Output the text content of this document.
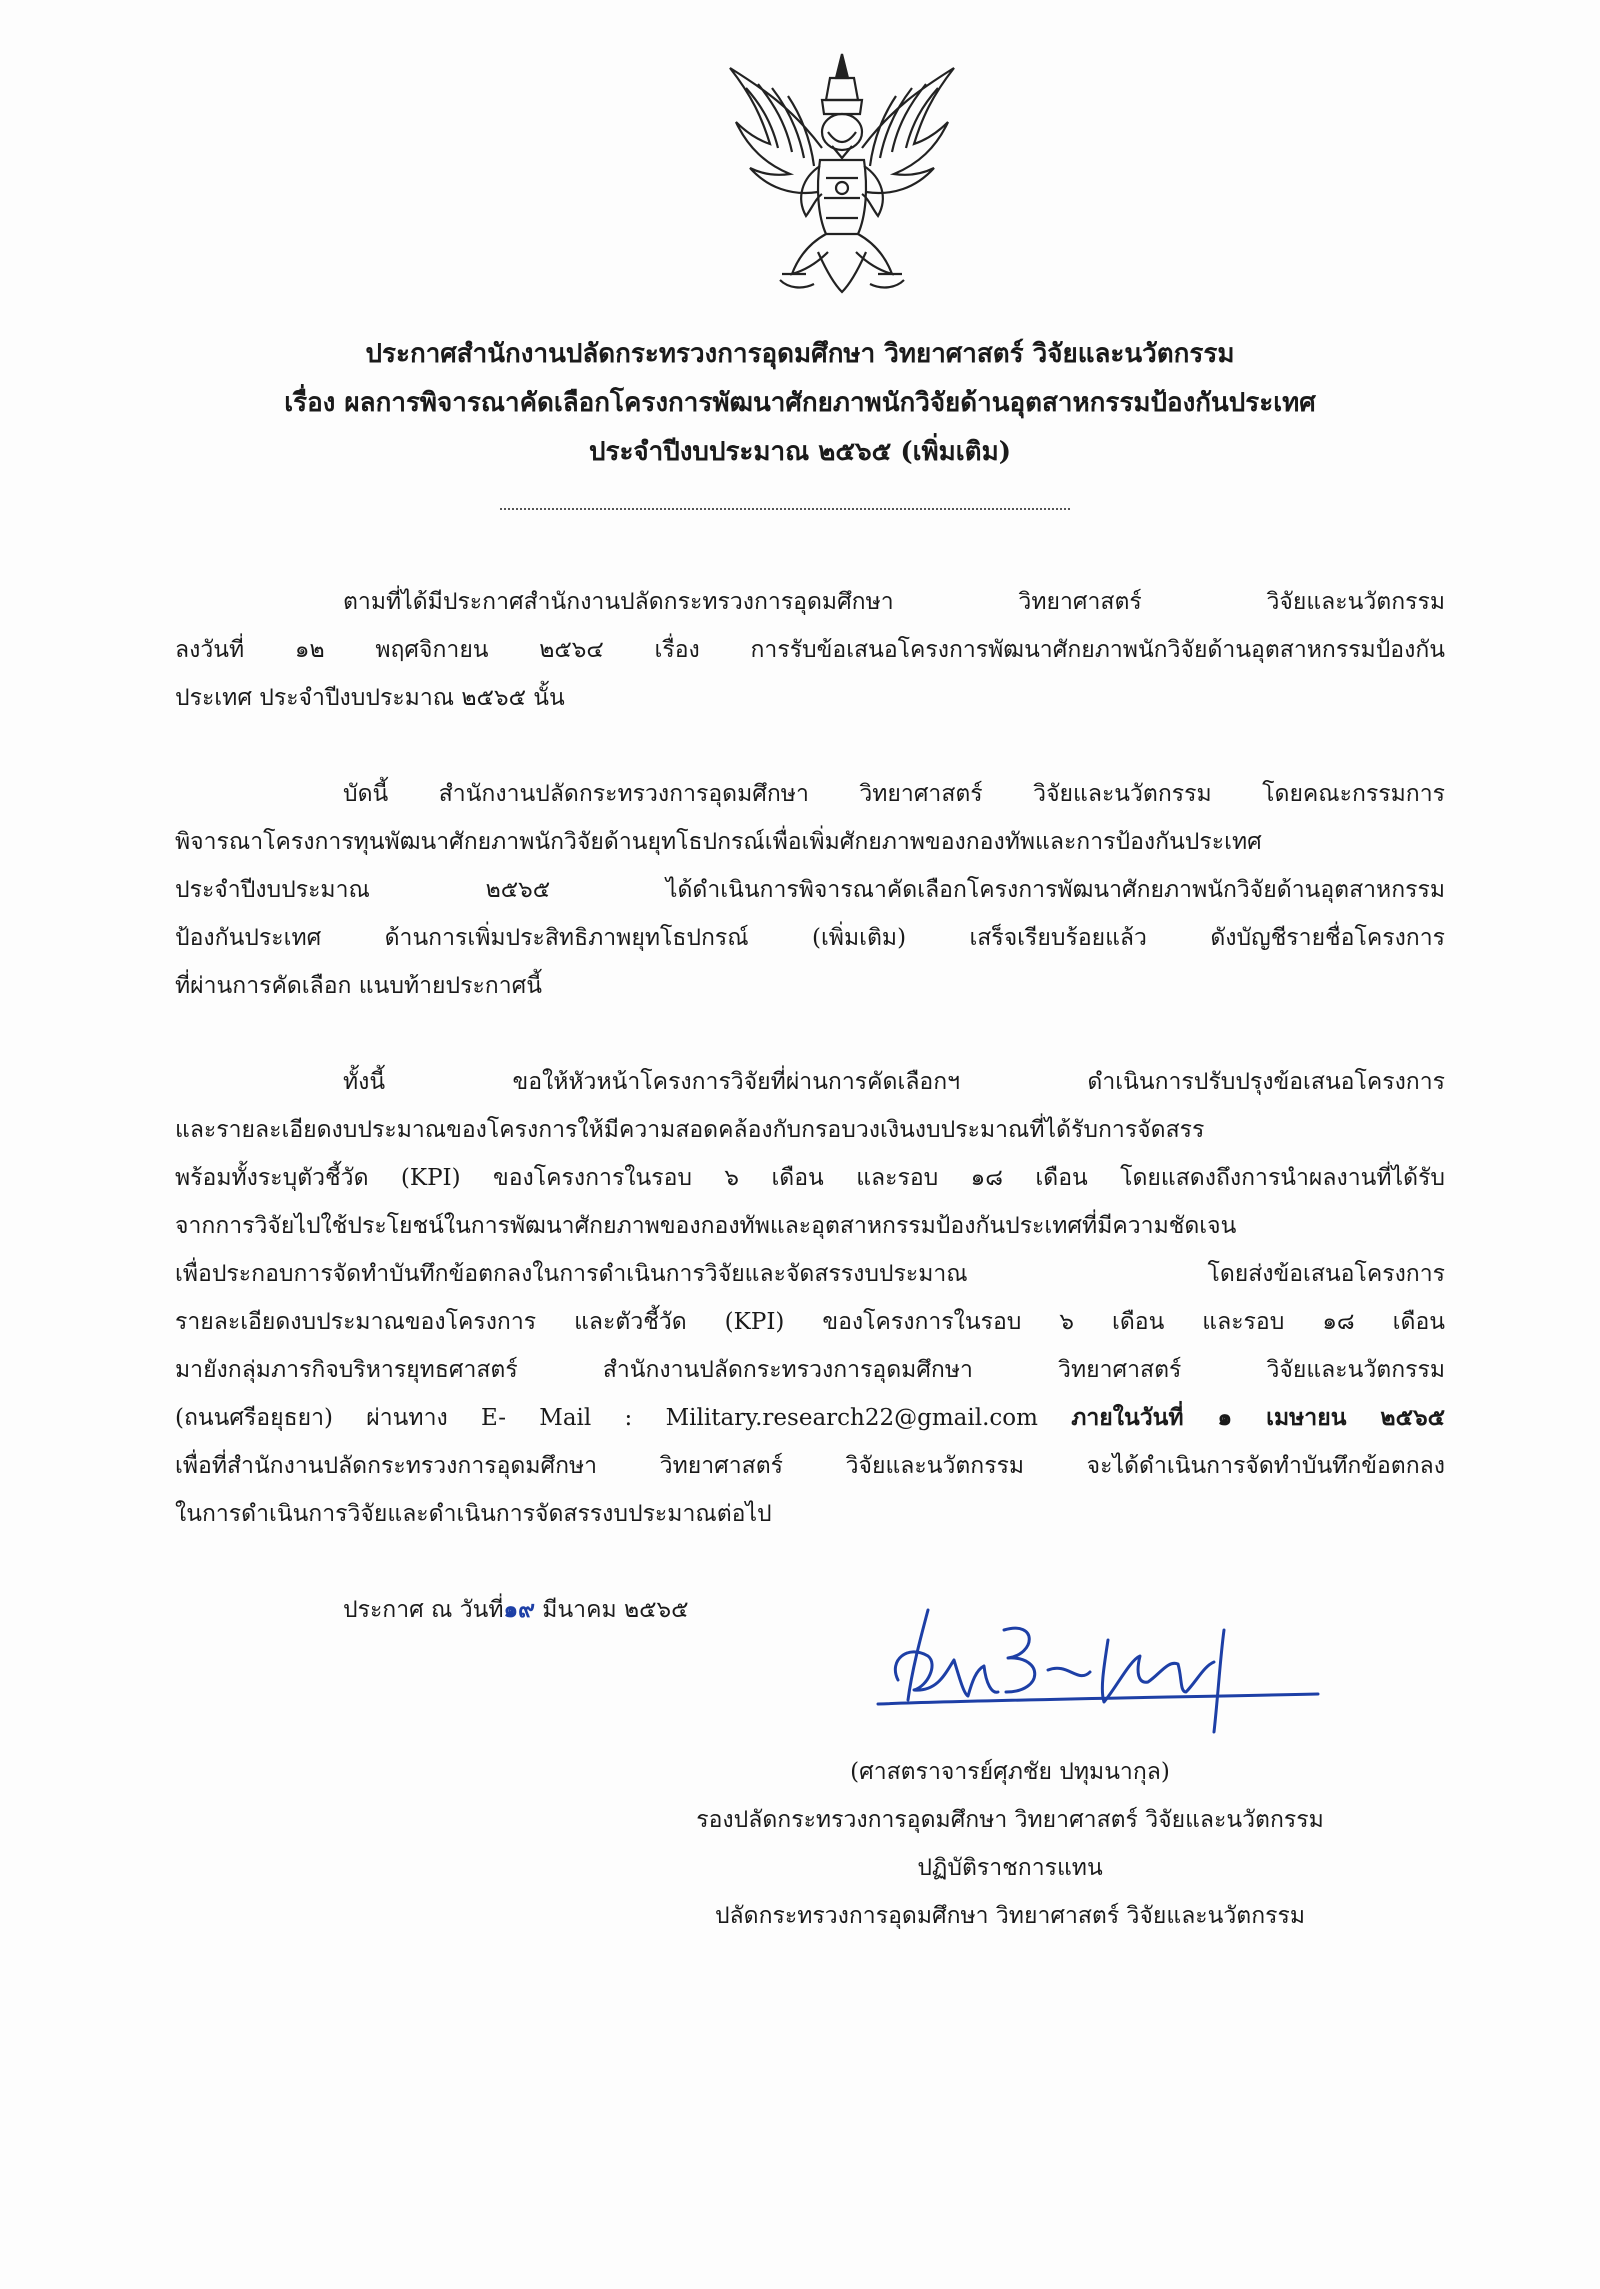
ประกาศสำนักงานปลัดกระทรวงการอุดมศึกษา วิทยาศาสตร์ วิจัยและนวัตกรรม
เรื่อง ผลการพิจารณาคัดเลือกโครงการพัฒนาศักยภาพนักวิจัยด้านอุตสาหกรรมป้องกันประเทศ
ประจำปีงบประมาณ ๒๕๖๕ (เพิ่มเติม)
ตามที่ได้มีประกาศสำนักงานปลัดกระทรวงการอุดมศึกษา วิทยาศาสตร์ วิจัยและนวัตกรรม
ลงวันที่ ๑๒ พฤศจิกายน ๒๕๖๔ เรื่อง การรับข้อเสนอโครงการพัฒนาศักยภาพนักวิจัยด้านอุตสาหกรรมป้องกัน
ประเทศ ประจำปีงบประมาณ ๒๕๖๕ นั้น
บัดนี้ สำนักงานปลัดกระทรวงการอุดมศึกษา วิทยาศาสตร์ วิจัยและนวัตกรรม โดยคณะกรรมการ
พิจารณาโครงการทุนพัฒนาศักยภาพนักวิจัยด้านยุทโธปกรณ์เพื่อเพิ่มศักยภาพของกองทัพและการป้องกันประเทศ
ประจำปีงบประมาณ ๒๕๖๕ ได้ดำเนินการพิจารณาคัดเลือกโครงการพัฒนาศักยภาพนักวิจัยด้านอุตสาหกรรม
ป้องกันประเทศ ด้านการเพิ่มประสิทธิภาพยุทโธปกรณ์ (เพิ่มเติม) เสร็จเรียบร้อยแล้ว ดังบัญชีรายชื่อโครงการ
ที่ผ่านการคัดเลือก แนบท้ายประกาศนี้
ทั้งนี้ ขอให้หัวหน้าโครงการวิจัยที่ผ่านการคัดเลือกฯ ดำเนินการปรับปรุงข้อเสนอโครงการ
และรายละเอียดงบประมาณของโครงการให้มีความสอดคล้องกับกรอบวงเงินงบประมาณที่ได้รับการจัดสรร
พร้อมทั้งระบุตัวชี้วัด (KPI) ของโครงการในรอบ ๖ เดือน และรอบ ๑๘ เดือน โดยแสดงถึงการนำผลงานที่ได้รับ
จากการวิจัยไปใช้ประโยชน์ในการพัฒนาศักยภาพของกองทัพและอุตสาหกรรมป้องกันประเทศที่มีความชัดเจน
เพื่อประกอบการจัดทำบันทึกข้อตกลงในการดำเนินการวิจัยและจัดสรรงบประมาณ โดยส่งข้อเสนอโครงการ
รายละเอียดงบประมาณของโครงการ และตัวชี้วัด (KPI) ของโครงการในรอบ ๖ เดือน และรอบ ๑๘ เดือน
มายังกลุ่มภารกิจบริหารยุทธศาสตร์ สำนักงานปลัดกระทรวงการอุดมศึกษา วิทยาศาสตร์ วิจัยและนวัตกรรม
(ถนนศรีอยุธยา) ผ่านทาง E- Mail : Military.research22@gmail.com ภายในวันที่ ๑ เมษายน ๒๕๖๕
เพื่อที่สำนักงานปลัดกระทรวงการอุดมศึกษา วิทยาศาสตร์ วิจัยและนวัตกรรม จะได้ดำเนินการจัดทำบันทึกข้อตกลง
ในการดำเนินการวิจัยและดำเนินการจัดสรรงบประมาณต่อไป
ประกาศ ณ วันที่๑๙ มีนาคม ๒๕๖๕
(ศาสตราจารย์ศุภชัย ปทุมนากุล)
รองปลัดกระทรวงการอุดมศึกษา วิทยาศาสตร์ วิจัยและนวัตกรรม
ปฏิบัติราชการแทน
ปลัดกระทรวงการอุดมศึกษา วิทยาศาสตร์ วิจัยและนวัตกรรม
